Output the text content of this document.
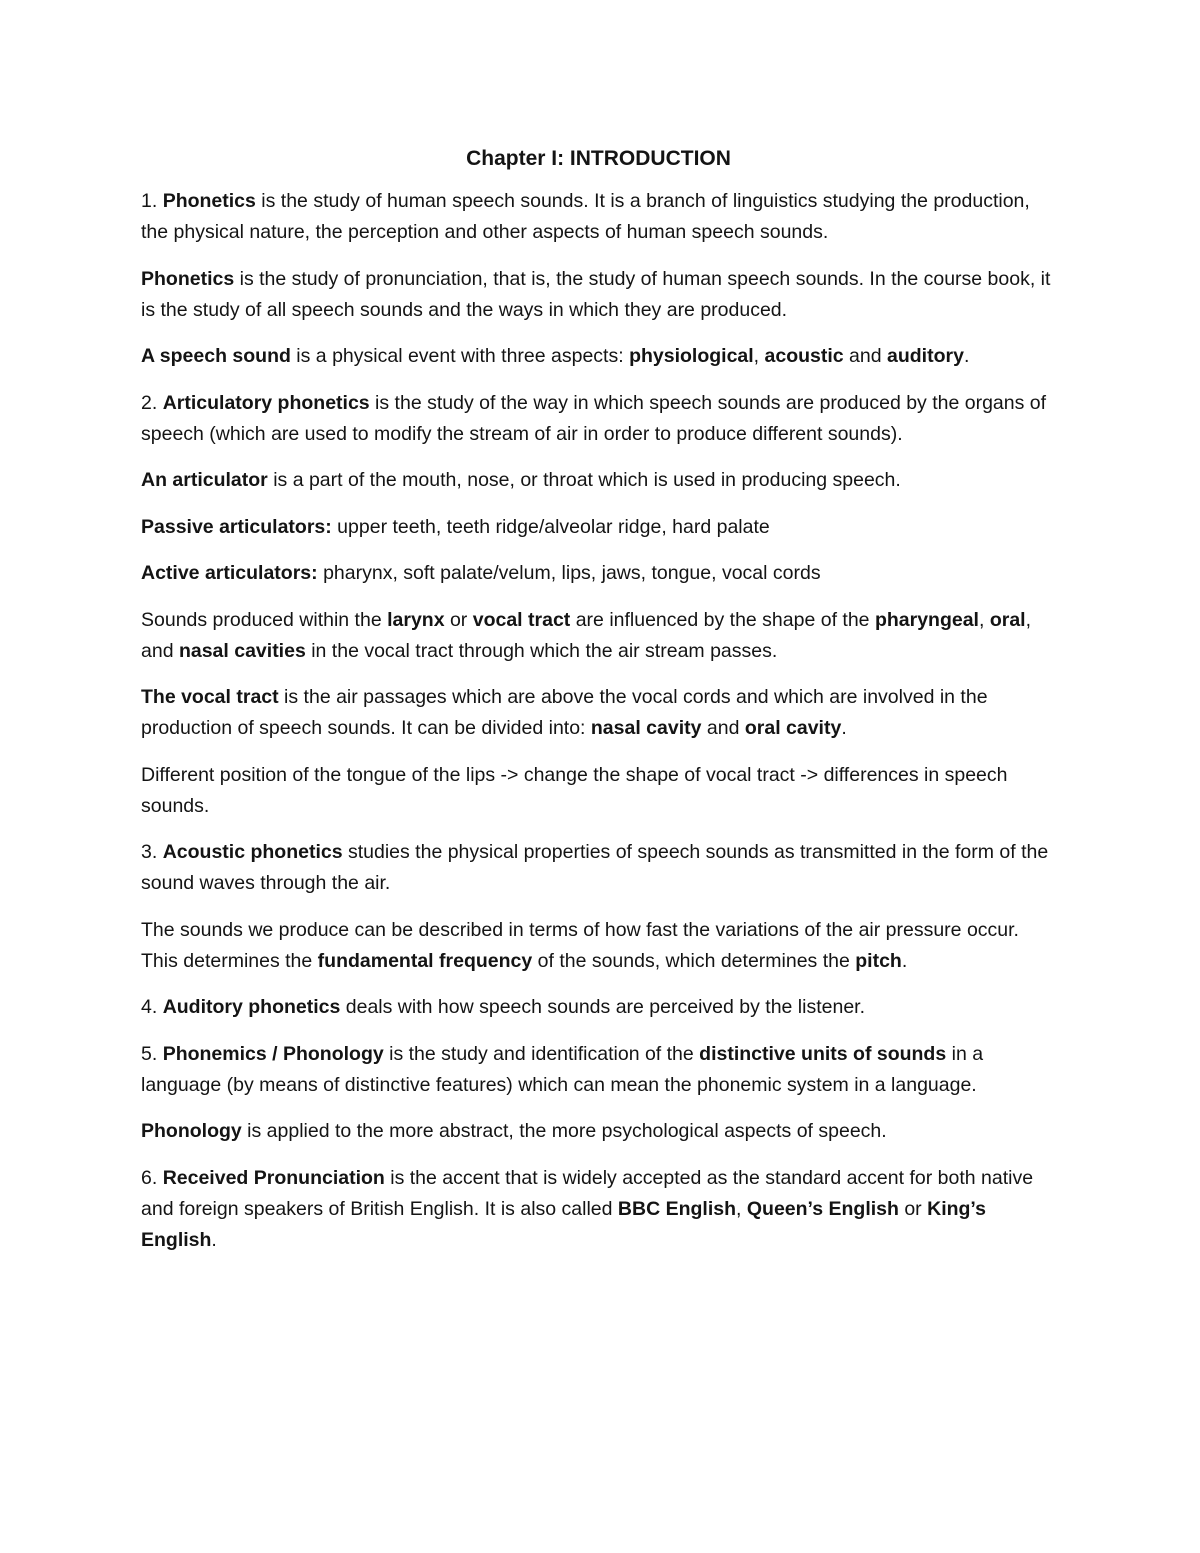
Chapter I: INTRODUCTION

1. Phonetics is the study of human speech sounds. It is a branch of linguistics studying the production, the physical nature, the perception and other aspects of human speech sounds.

Phonetics is the study of pronunciation, that is, the study of human speech sounds. In the course book, it is the study of all speech sounds and the ways in which they are produced.

A speech sound is a physical event with three aspects: physiological, acoustic and auditory.

2. Articulatory phonetics is the study of the way in which speech sounds are produced by the organs of speech (which are used to modify the stream of air in order to produce different sounds).

An articulator is a part of the mouth, nose, or throat which is used in producing speech.

Passive articulators: upper teeth, teeth ridge/alveolar ridge, hard palate

Active articulators: pharynx, soft palate/velum, lips, jaws, tongue, vocal cords

Sounds produced within the larynx or vocal tract are influenced by the shape of the pharyngeal, oral, and nasal cavities in the vocal tract through which the air stream passes.

The vocal tract is the air passages which are above the vocal cords and which are involved in the production of speech sounds. It can be divided into: nasal cavity and oral cavity.

Different position of the tongue of the lips -> change the shape of vocal tract -> differences in speech sounds.

3. Acoustic phonetics studies the physical properties of speech sounds as transmitted in the form of the sound waves through the air.

The sounds we produce can be described in terms of how fast the variations of the air pressure occur. This determines the fundamental frequency of the sounds, which determines the pitch.

4. Auditory phonetics deals with how speech sounds are perceived by the listener.

5. Phonemics / Phonology is the study and identification of the distinctive units of sounds in a language (by means of distinctive features) which can mean the phonemic system in a language.

Phonology is applied to the more abstract, the more psychological aspects of speech.

6. Received Pronunciation is the accent that is widely accepted as the standard accent for both native and foreign speakers of British English. It is also called BBC English, Queen’s English or King’s English.
